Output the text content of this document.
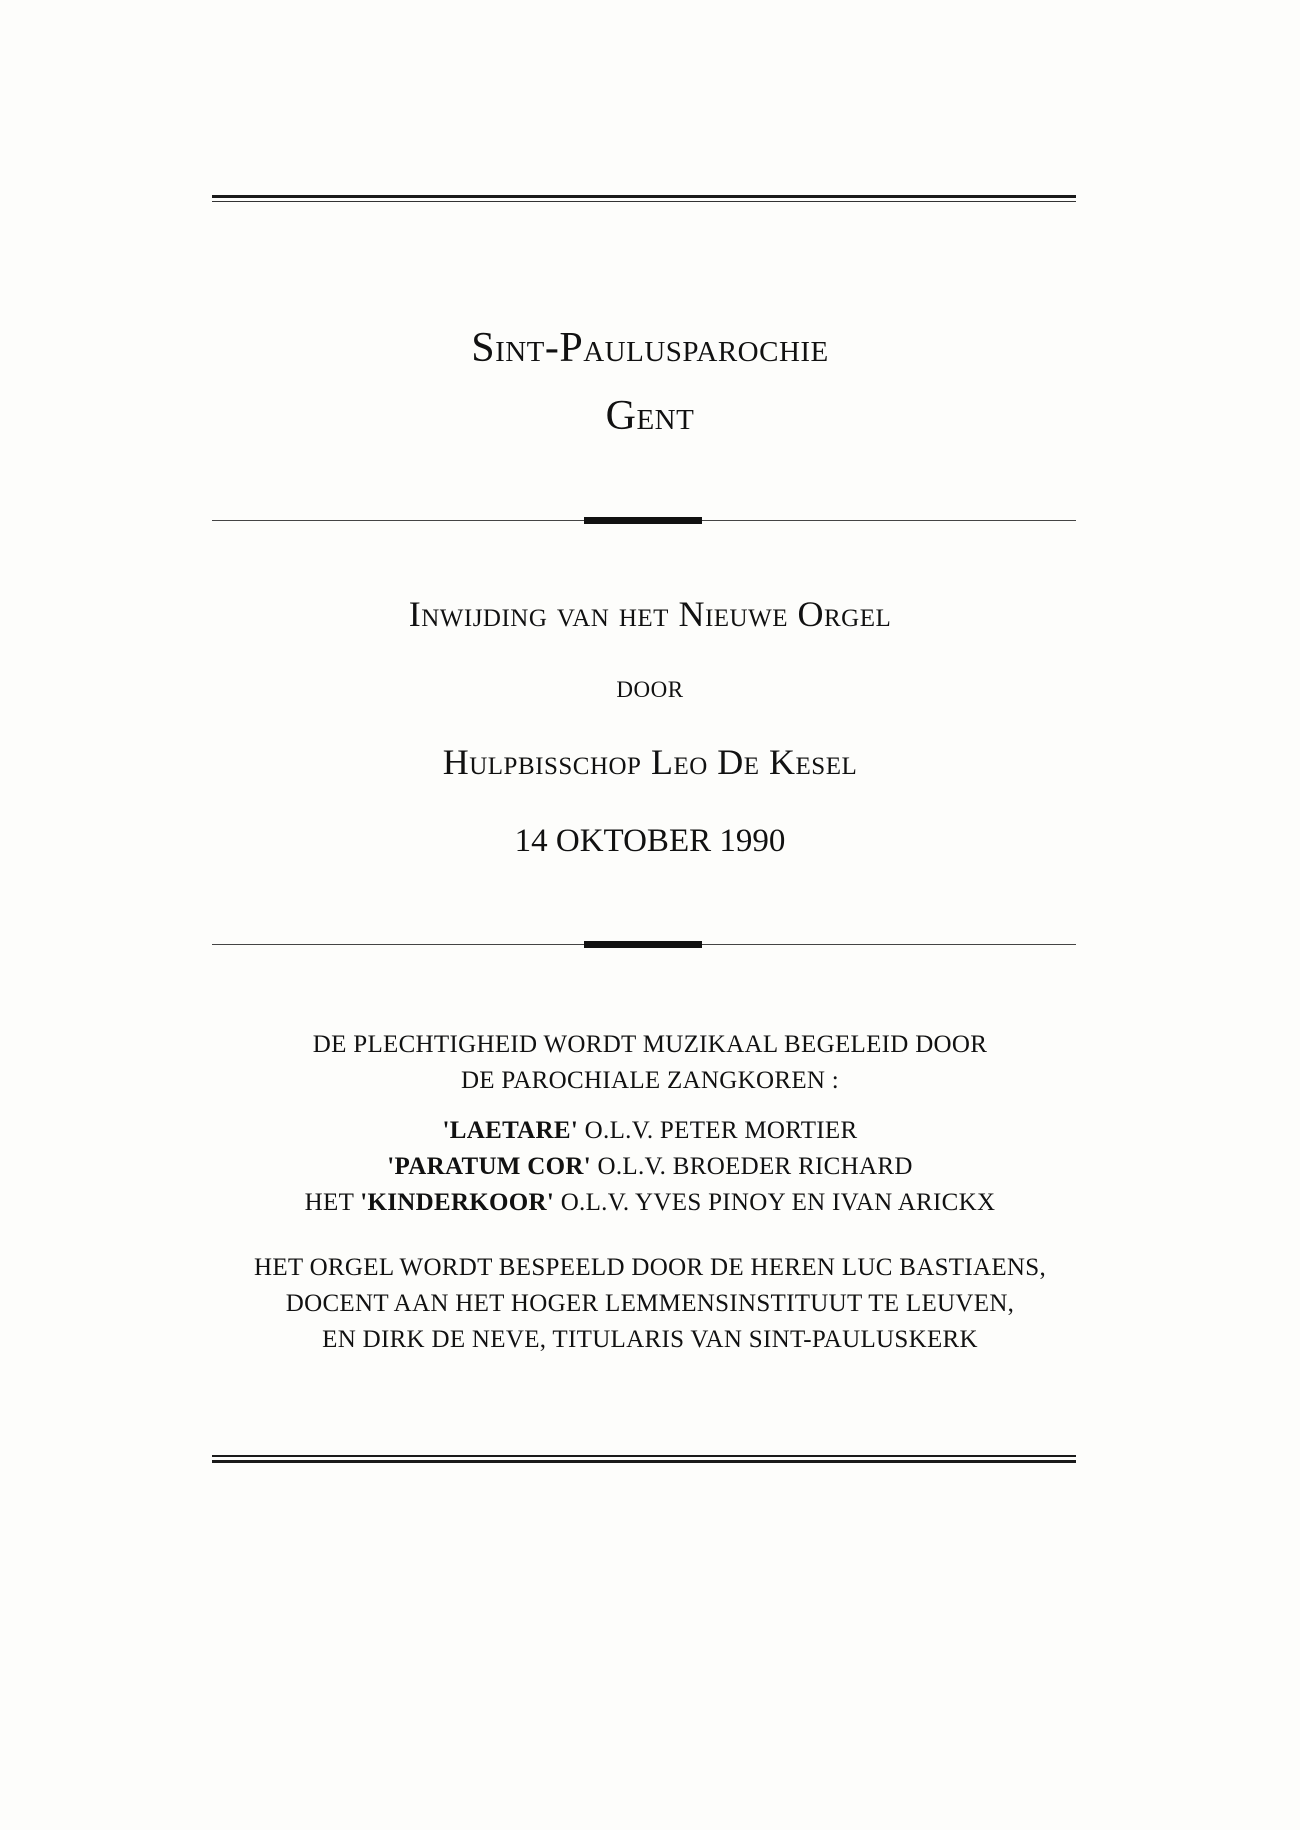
Sint-Paulusparochie
Gent
Inwijding van het Nieuwe Orgel
door
Hulpbisschop Leo De Kesel
14 OKTOBER 1990
DE PLECHTIGHEID WORDT MUZIKAAL BEGELEID DOOR
DE PAROCHIALE ZANGKOREN :
'LAETARE' O.L.V. PETER MORTIER
'PARATUM COR' O.L.V. BROEDER RICHARD
HET 'KINDERKOOR' O.L.V. YVES PINOY EN IVAN ARICKX
HET ORGEL WORDT BESPEELD DOOR DE HEREN LUC BASTIAENS,
DOCENT AAN HET HOGER LEMMENSINSTITUUT TE LEUVEN,
EN DIRK DE NEVE, TITULARIS VAN SINT-PAULUSKERK
